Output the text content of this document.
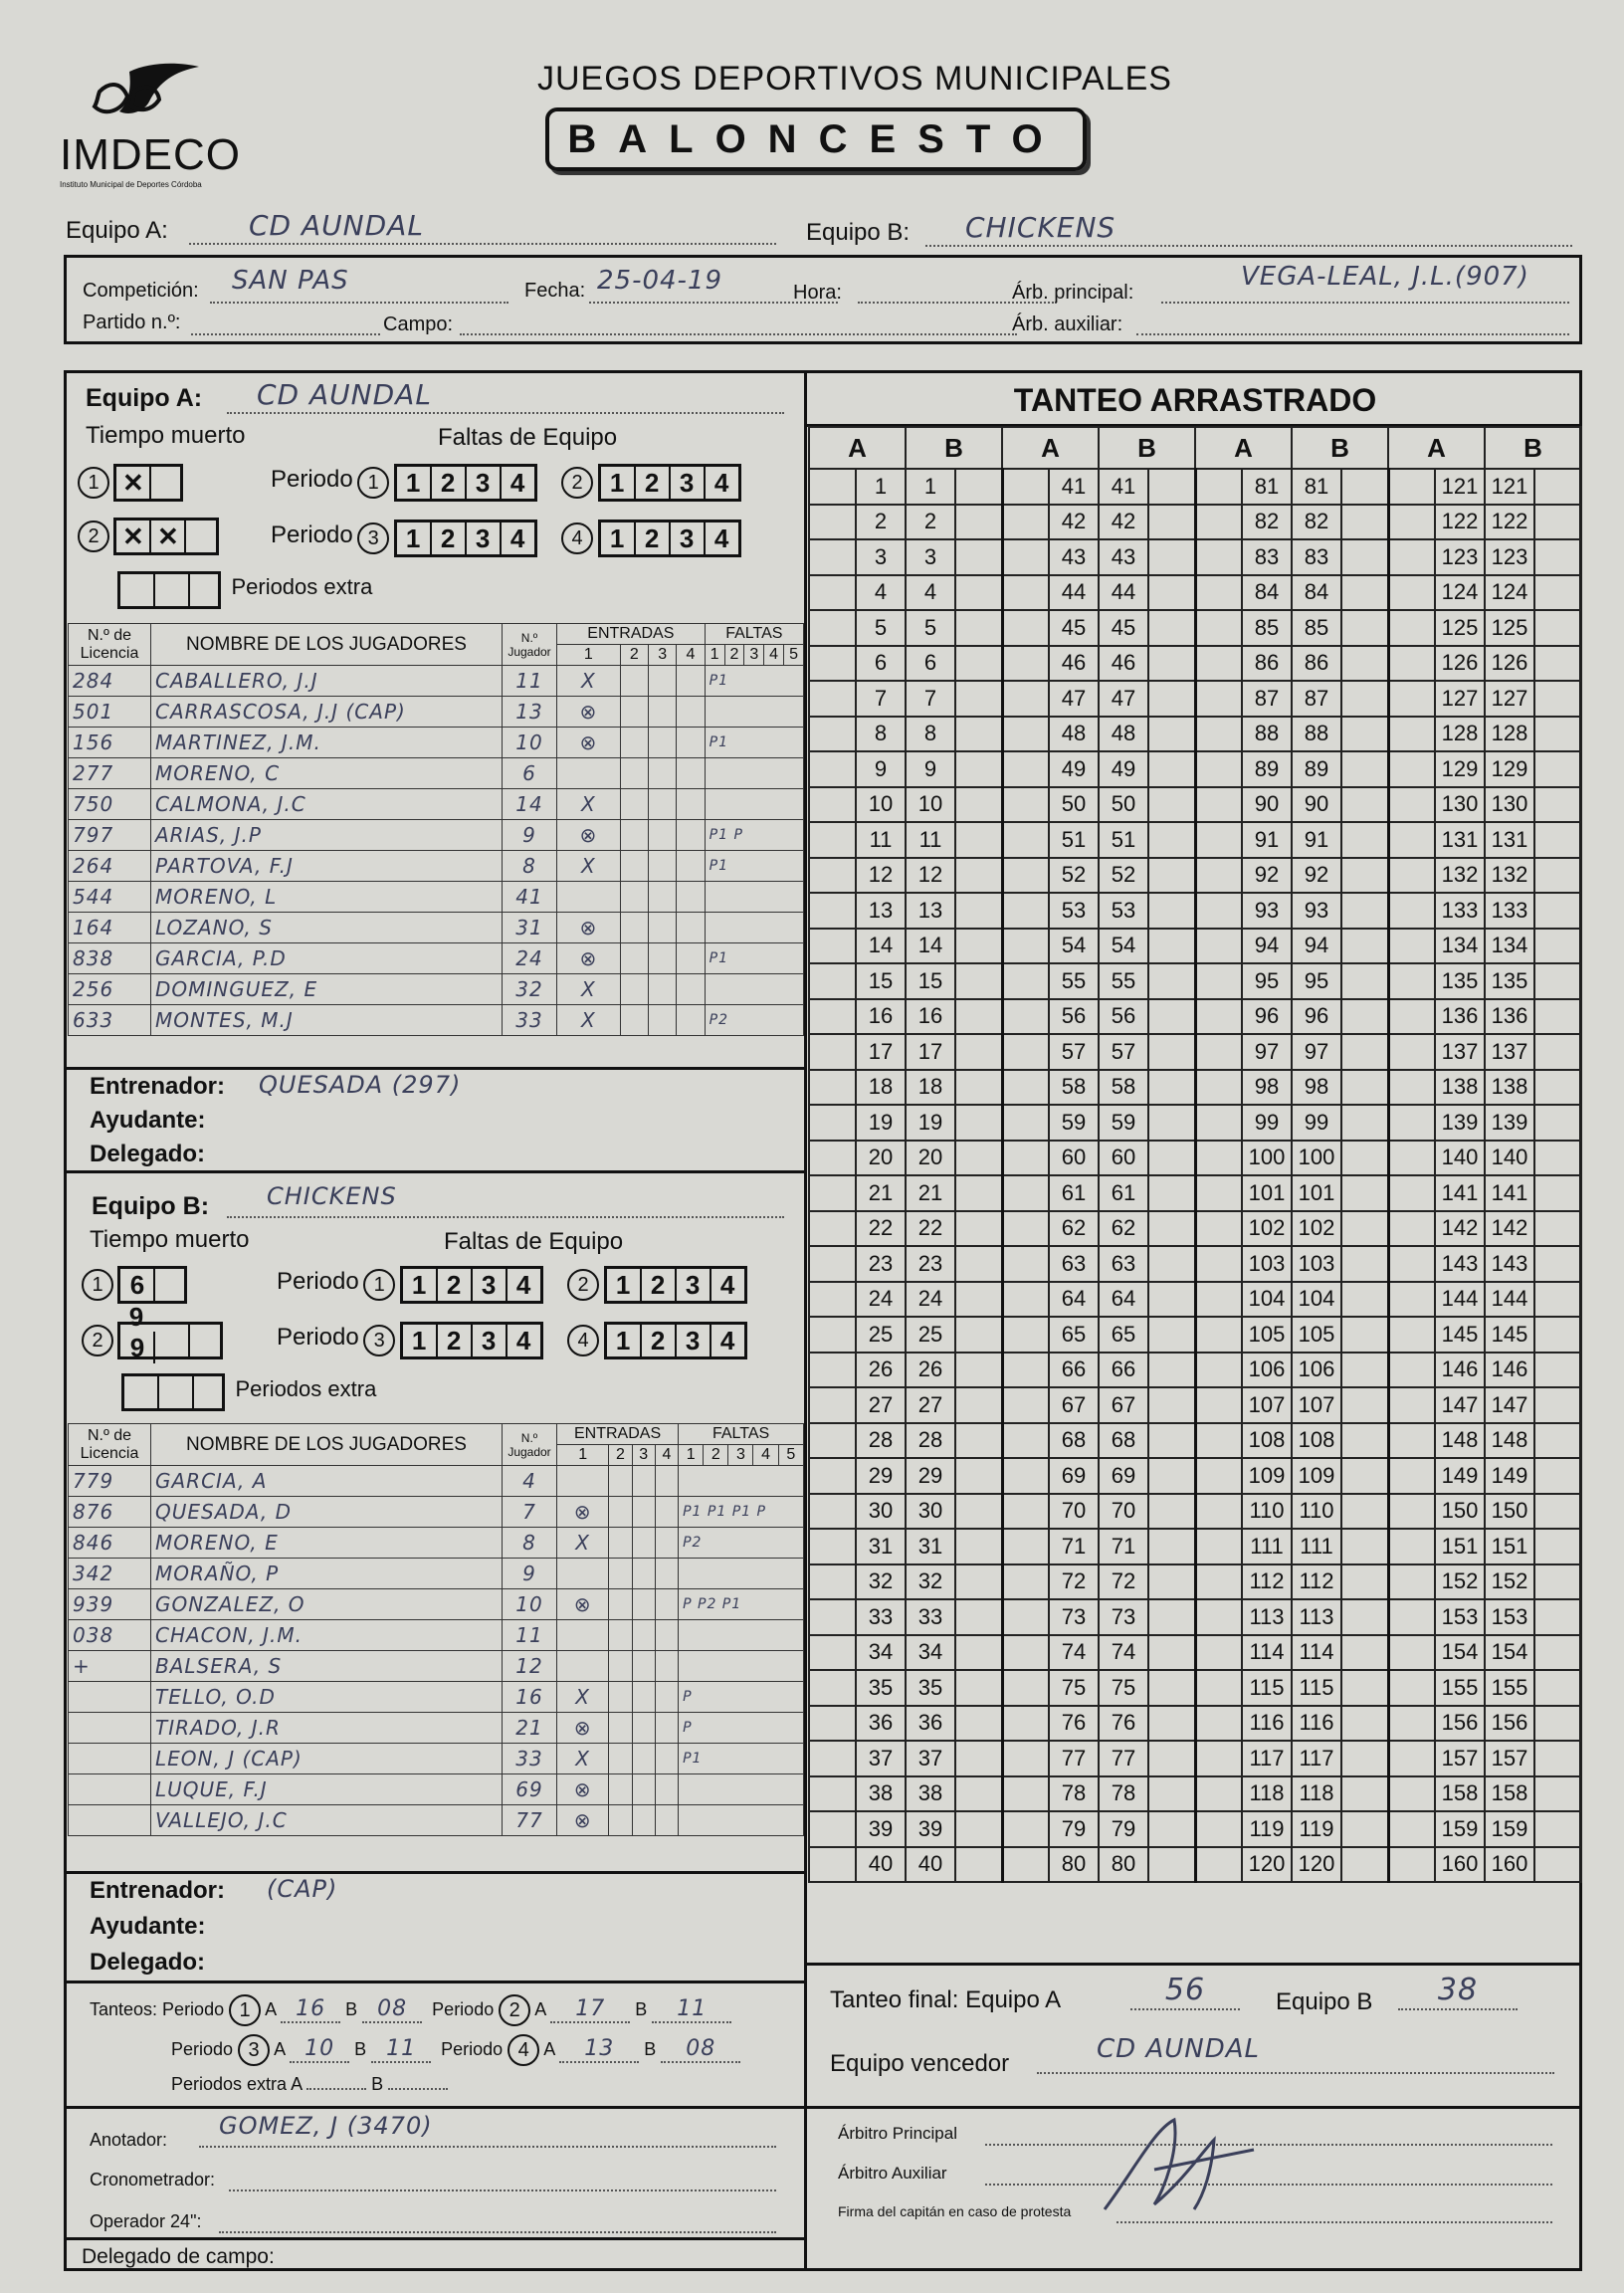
IMDECO
Instituto Municipal de Deportes Córdoba
JUEGOS DEPORTIVOS MUNICIPALES
BALONCESTO
Equipo A:	CD AUNDAL	Equipo B:	CHICKENS
Competición:	SAN PAS	Fecha: 25-04-19	Hora:	Árb. principal:
VEGA-LEAL, J.L.(907)
Partido n.º:	Campo:	Árb. auxiliar:
Equipo A:	CD AUNDAL
Tiempo muerto	Faltas de Equipo
1 ✕
2 ✕ ✕
Periodos extra
Periodo 1 1 2 3 4 2 1 2 3 4
Periodo 3 1 2 3 4 4 1 2 3 4
N.º de Licencia	NOMBRE DE LOS JUGADORES	N.º Jugador	ENTRADAS				FALTAS				
			1	2	3	4	1	2	3	4	5
284	CABALLERO, J.J	11	X				P1				
501	CARRASCOSA, J.J (CAP)	13	⊗								
156	MARTINEZ, J.M.	10	⊗				P1				
277	MORENO, C	6									
750	CALMONA, J.C	14	X								
797	ARIAS, J.P	9	⊗				P1 P				
264	PARTOVA, F.J	8	X				P1				
544	MORENO, L	41									
164	LOZANO, S	31	⊗								
838	GARCIA, P.D	24	⊗				P1				
256	DOMINGUEZ, E	32	X								
633	MONTES, M.J	33	X				P2				
Entrenador: QUESADA (297)
Ayudante:
Delegado:
Equipo B:	CHICKENS
Tiempo muerto	Faltas de Equipo
1 69
2 9
Periodos extra
Periodo 1 1 2 3 4 2 1 2 3 4
Periodo 3 1 2 3 4 4 1 2 3 4
N.º de Licencia	NOMBRE DE LOS JUGADORES	N.º Jugador	ENTRADAS				FALTAS				
			1	2	3	4	1	2	3	4	5
779	GARCIA, A	4									
876	QUESADA, D	7	⊗				P1 P1 P1 P				
846	MORENO, E	8	X				P2				
342	MORAÑO, P	9									
939	GONZALEZ, O	10	⊗				P P2 P1				
038	CHACON, J.M.	11									
+	BALSERA, S	12									
	TELLO, O.D	16	X				P				
	TIRADO, J.R	21	⊗				P				
	LEON, J (CAP)	33	X				P1				
	LUQUE, F.J	69	⊗								
	VALLEJO, J.C	77	⊗								
Entrenador: (CAP)
Ayudante:
Delegado:
Tanteos: Periodo 1 A 16 B 08 Periodo 2 A 17 B 11
Periodo 3 A 10 B 11 Periodo 4 A 13 B 08
Periodos extra A	B
Anotador:	GOMEZ, J (3470)
Cronometrador:
Operador 24":
Delegado de campo:
TANTEO ARRASTRADO
A		B		A		B		A		B		A		B	
	1	1			41	41			81	81			121	121	
	2	2			42	42			82	82			122	122	
	3	3			43	43			83	83			123	123	
	4	4			44	44			84	84			124	124	
	5	5			45	45			85	85			125	125	
	6	6			46	46			86	86			126	126	
	7	7			47	47			87	87			127	127	
	8	8			48	48			88	88			128	128	
	9	9			49	49			89	89			129	129	
	10	10			50	50			90	90			130	130	
	11	11			51	51			91	91			131	131	
	12	12			52	52			92	92			132	132	
	13	13			53	53			93	93			133	133	
	14	14			54	54			94	94			134	134	
	15	15			55	55			95	95			135	135	
	16	16			56	56			96	96			136	136	
	17	17			57	57			97	97			137	137	
	18	18			58	58			98	98			138	138	
	19	19			59	59			99	99			139	139	
	20	20			60	60			100	100			140	140	
	21	21			61	61			101	101			141	141	
	22	22			62	62			102	102			142	142	
	23	23			63	63			103	103			143	143	
	24	24			64	64			104	104			144	144	
	25	25			65	65			105	105			145	145	
	26	26			66	66			106	106			146	146	
	27	27			67	67			107	107			147	147	
	28	28			68	68			108	108			148	148	
	29	29			69	69			109	109			149	149	
	30	30			70	70			110	110			150	150	
	31	31			71	71			111	111			151	151	
	32	32			72	72			112	112			152	152	
	33	33			73	73			113	113			153	153	
	34	34			74	74			114	114			154	154	
	35	35			75	75			115	115			155	155	
	36	36			76	76			116	116			156	156	
	37	37			77	77			117	117			157	157	
	38	38			78	78			118	118			158	158	
	39	39			79	79			119	119			159	159	
	40	40			80	80			120	120			160	160	
Tanteo final: Equipo A	56	Equipo B	38
Equipo vencedor	CD AUNDAL
Árbitro Principal
Árbitro Auxiliar
Firma del capitán en caso de protesta
